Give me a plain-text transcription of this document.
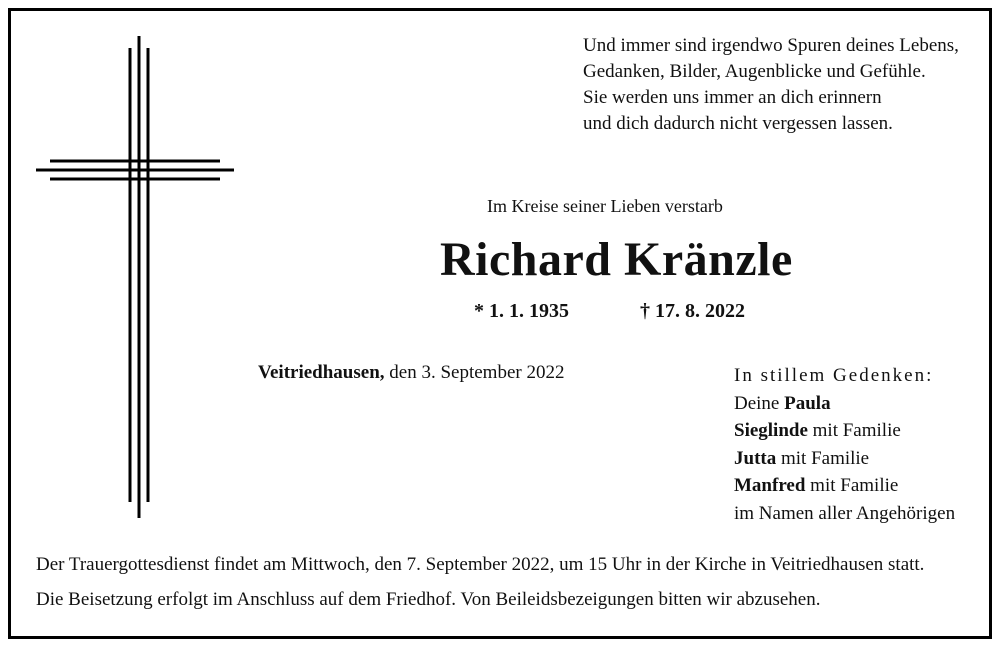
Und immer sind irgendwo Spuren deines Lebens,
Gedanken, Bilder, Augenblicke und Gefühle.
Sie werden uns immer an dich erinnern
und dich dadurch nicht vergessen lassen.
Im Kreise seiner Lieben verstarb
Richard Kränzle
* 1. 1. 1935	† 17. 8. 2022
Veitriedhausen, den 3. September 2022	In stillem Gedenken:
Deine Paula
Sieglinde mit Familie
Jutta mit Familie
Manfred mit Familie
im Namen aller Angehörigen
Der Trauergottesdienst findet am Mittwoch, den 7. September 2022, um 15 Uhr in der Kirche in Veitriedhausen statt.
Die Beisetzung erfolgt im Anschluss auf dem Friedhof. Von Beileidsbezeigungen bitten wir abzusehen.
